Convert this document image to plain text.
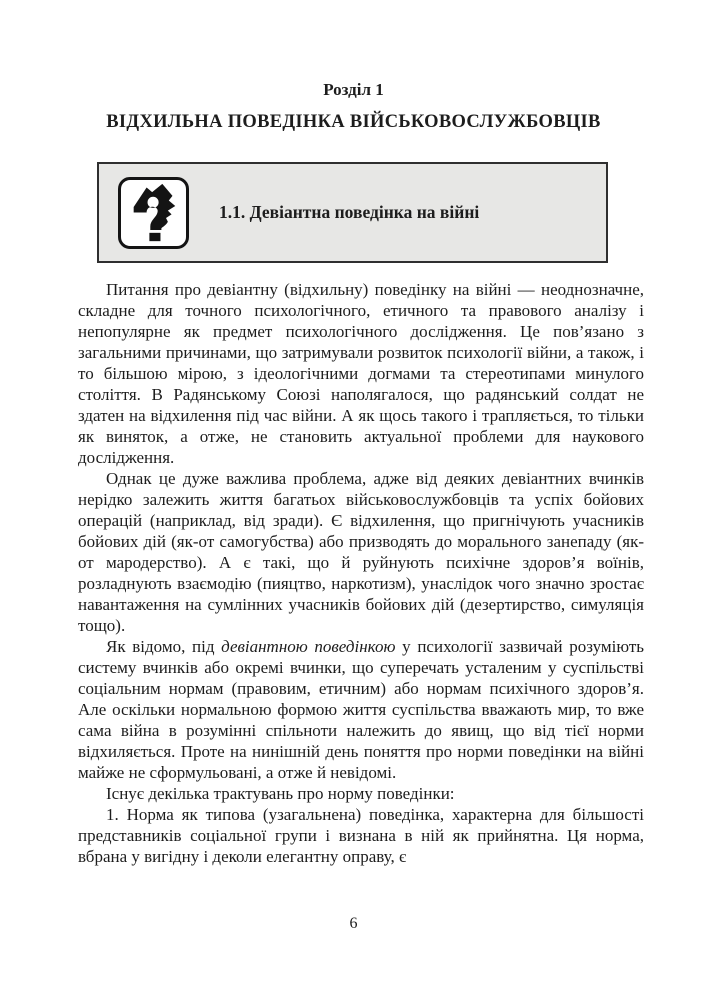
Розділ 1
ВІДХИЛЬНА ПОВЕДІНКА ВІЙСЬКОВОСЛУЖБОВЦІВ
1.1. Девіантна поведінка на війні

Питання про девіантну (відхильну) поведінку на війні — неоднозначне, складне для точного психологічного, етичного та правового аналізу і непопулярне як предмет психологічного дослідження. Це пов’язано з загальними причинами, що затримували розвиток психології війни, а також, і то більшою мірою, з ідеологічними догмами та стереотипами минулого століття. В Радянському Союзі наполягалося, що радянський солдат не здатен на відхилення під час війни. А як щось такого і трапляється, то тільки як виняток, а отже, не становить актуальної проблеми для наукового дослідження.

Однак це дуже важлива проблема, адже від деяких девіантних вчинків нерідко залежить життя багатьох військовослужбовців та успіх бойових операцій (наприклад, від зради). Є відхилення, що пригнічують учасників бойових дій (як-от самогубства) або призводять до морального занепаду (як-от мародерство). А є такі, що й руйнують психічне здоров’я воїнів, розладнують взаємодію (пияцтво, наркотизм), унаслідок чого значно зростає навантаження на сумлінних учасників бойових дій (дезертирство, симуляція тощо).

Як відомо, під девіантною поведінкою у психології зазвичай розуміють систему вчинків або окремі вчинки, що суперечать усталеним у суспільстві соціальним нормам (правовим, етичним) або нормам психічного здоров’я. Але оскільки нормальною формою життя суспільства вважають мир, то вже сама війна в розумінні спільноти належить до явищ, що від тієї норми відхиляється. Проте на нинішній день поняття про норми поведінки на війні майже не сформульовані, а отже й невідомі.

Існує декілька трактувань про норму поведінки:

1. Норма як типова (узагальнена) поведінка, характерна для більшості представників соціальної групи і визнана в ній як прийнятна. Ця норма, вбрана у вигідну і деколи елегантну оправу, є

6
